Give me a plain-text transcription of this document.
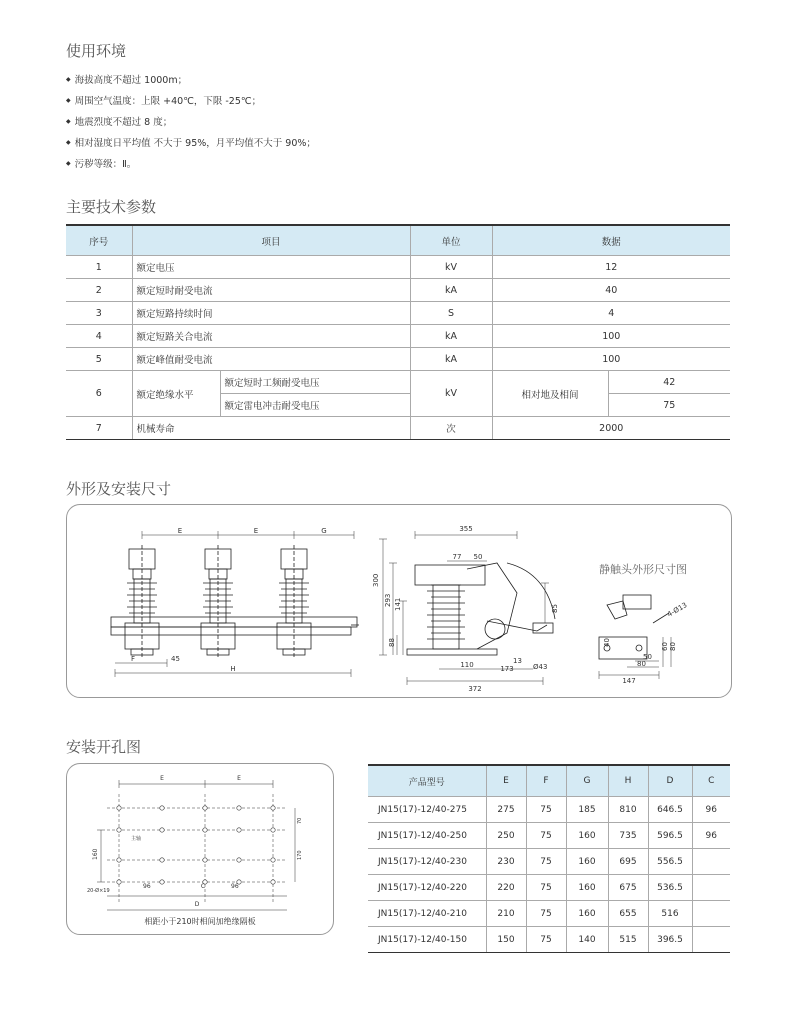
使用环境
◆ 海拔高度不超过 1000m；
◆ 周围空气温度：上限 +40℃，下限 -25℃；
◆ 地震烈度不超过 8 度；
◆ 相对湿度日平均值 不大于 95%，月平均值不大于 90%；
◆ 污秽等级：Ⅱ。
主要技术参数
序号	项目		单位	数据	
1	额定电压		kV	12	
2	额定短时耐受电流		kA	40	
3	额定短路持续时间		S	4	
4	额定短路关合电流		kA	100	
5	额定峰值耐受电流		kA	100	
6	额定绝缘水平	额定短时工频耐受电压	kV	相对地及相间	42
		额定雷电冲击耐受电压			75
7	机械寿命		次	2000	
外形及安装尺寸
E	E	G
F	45
H
355
77 50
300
293 141
88
85
13
Ø43
110	173
372
静触头外形尺寸图
147
50
80
60 80
40
4-Ø13
安装开孔图
E	E
C
D
160
96	96
20-Ø×19
170
70
主轴
相距小于210时相间加绝缘隔板
产品型号	E	F	G	H	D	C
JN15(17)-12/40-275	275	75	185	810	646.5	96
JN15(17)-12/40-250	250	75	160	735	596.5	96
JN15(17)-12/40-230	230	75	160	695	556.5	
JN15(17)-12/40-220	220	75	160	675	536.5	
JN15(17)-12/40-210	210	75	160	655	516	
JN15(17)-12/40-150	150	75	140	515	396.5	
